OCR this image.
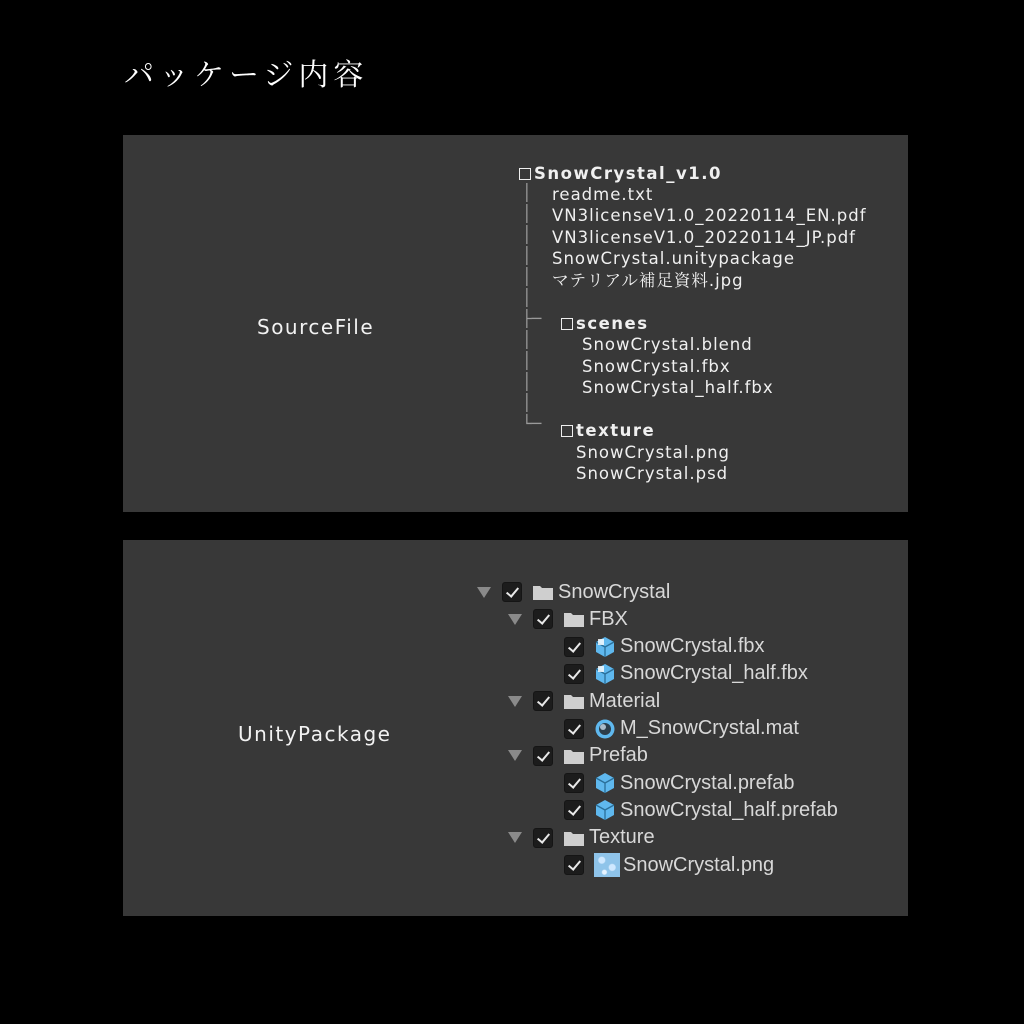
パッケージ内容
SourceFile
SnowCrystal_v1.0
│
│
│
│
│
│
├─
│
│
│
│
└─
readme.txt
VN3licenseV1.0_20220114_EN.pdf
VN3licenseV1.0_20220114_JP.pdf
SnowCrystal.unitypackage
マテリアル補足資料.jpg
scenes
SnowCrystal.blend
SnowCrystal.fbx
SnowCrystal_half.fbx
texture
SnowCrystal.png
SnowCrystal.psd
UnityPackage
SnowCrystal
FBX
SnowCrystal.fbx
SnowCrystal_half.fbx
Material
M_SnowCrystal.mat
Prefab
SnowCrystal.prefab
SnowCrystal_half.prefab
Texture
SnowCrystal.png
